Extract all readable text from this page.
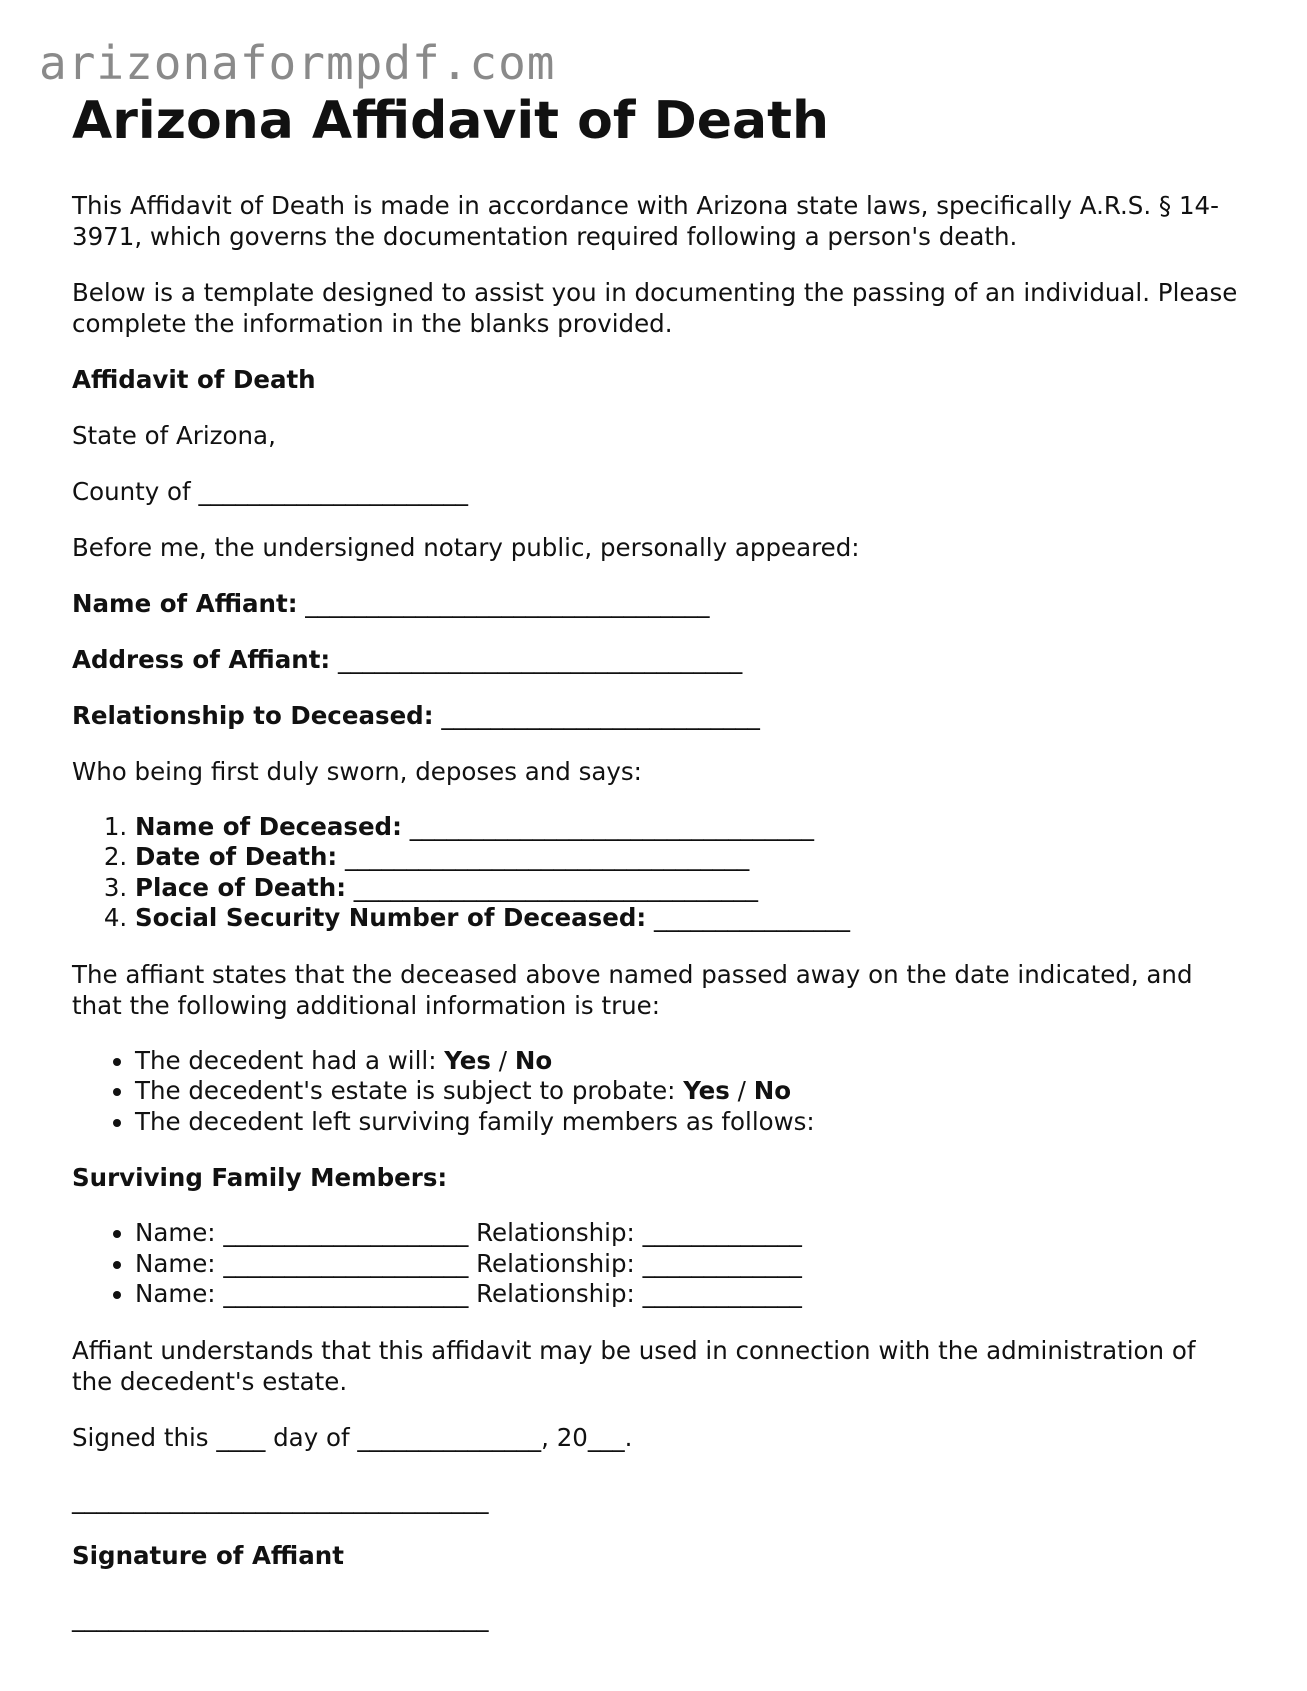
arizonaformpdf.com
Arizona Affidavit of Death

This Affidavit of Death is made in accordance with Arizona state laws, specifically A.R.S. § 14-3971, which governs the documentation required following a person's death.

Below is a template designed to assist you in documenting the passing of an individual. Please complete the information in the blanks provided.

Affidavit of Death

State of Arizona,

County of ______________________

Before me, the undersigned notary public, personally appeared:

Name of Affiant: _________________________________

Address of Affiant: _________________________________

Relationship to Deceased: __________________________

Who being first duly sworn, deposes and says:

1. Name of Deceased: _________________________________
2. Date of Death: _________________________________
3. Place of Death: _________________________________
4. Social Security Number of Deceased: ________________

The affiant states that the deceased above named passed away on the date indicated, and that the following additional information is true:

• The decedent had a will: Yes / No
• The decedent's estate is subject to probate: Yes / No
• The decedent left surviving family members as follows:

Surviving Family Members:

• Name: ____________________ Relationship: _____________
• Name: ____________________ Relationship: _____________
• Name: ____________________ Relationship: _____________

Affiant understands that this affidavit may be used in connection with the administration of the decedent's estate.

Signed this ____ day of _______________, 20___.

__________________________________

Signature of Affiant

__________________________________
